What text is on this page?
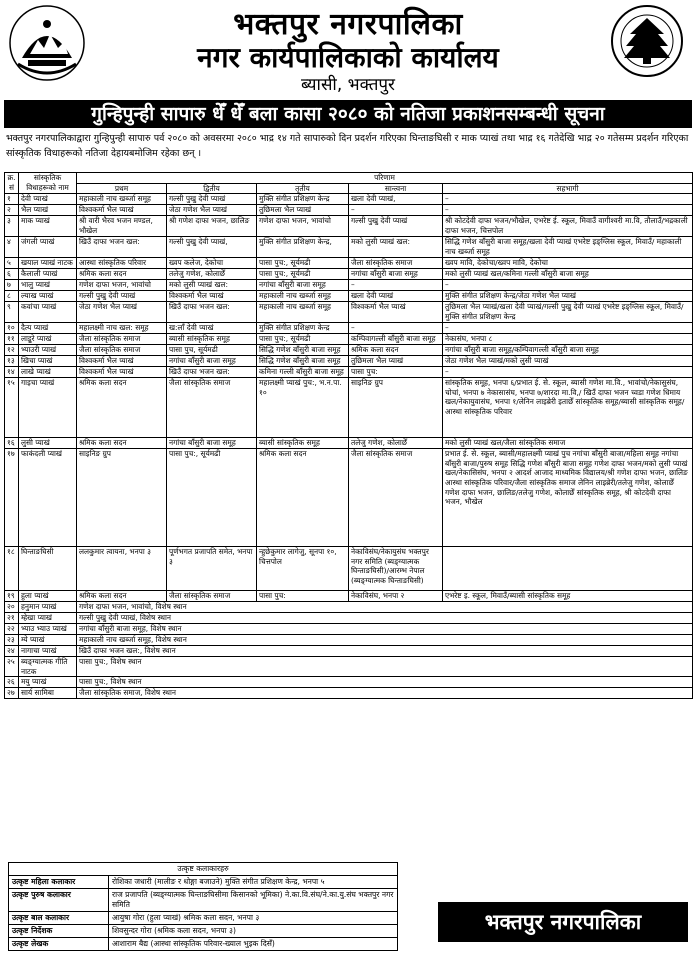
भक्तपुर नगरपालिका
नगर कार्यपालिकाको कार्यालय
ब्यासी, भक्तपुर
गुन्हिपुन्ही सापारु धेँ धेँ बला कासा २०८० को नतिजा प्रकाशनसम्बन्धी सूचना
भक्तपुर नगरपालिकाद्वारा गुन्हिपुन्ही सापारु पर्व २०८० को अवसरमा २०८० भाद्र १४ गते सापारुको दिन प्रदर्शन गरिएका घिन्ताङघिसी र माक प्याखं तथा भाद्र १६ गतेदेखि भाद्र २० गतेसम्म प्रदर्शन गरिएका सांस्कृतिक विधाहरूको नतिजा देहायबमोजिम रहेका छन् ।
क्र.सं	सांस्कृतिक विधाहरूको नाम	परिणाम				
		प्रथम	द्वितीय	तृतीय	सान्त्वना	सहभागी
१	देवी प्याखं	महाकाली नाच खर्ब्जा समूह	गल्सी पुखु देवी प्याखं	मुक्ति संगीत प्रशिक्षण केन्द्र	खला देवी प्याखं,	–
२	भैल प्याखं	विश्वकर्मा भैल प्याखं	जेठा गणेश भैल प्याखं	तुछिमला भैल प्याखं	–	–
३	माक प्याखं	श्री वारी भैरव भजन मण्डल, भौखेल	श्री गणेश दाफा भजन, छालिङ	गणेश दाफा भजन, भावांचो	गल्सी पुखु देवी प्याखं	श्री कोटदेवी दाफा भजन/भौखेल, एभरेष्ट ई. स्कूल, मिवाउँ वागीश्वरी मा.वि, तौलाउँ/भद्रकाली दाफा भजन, चित्तपोल
४	जंगली प्याखं	खिउँ दाफा भजन खल:	गल्सी पुखु देवी प्याखं,	मुक्ति संगीत प्रशिक्षण केन्द्र,	मको लुसी प्याखं खल:	सिद्धि गणेश बाँसुरी बाजा समूह/खला देवी प्याखं एभरेष्ट इङ्ग्लिस स्कूल, मिवाउँ/ महाकाली नाच खर्ब्जा समूह
५	खयाल प्याखं नाटक	आस्था सांस्कृतिक परिवार	ख्वप कलेज, देकोचा	पासा पुच:, सूर्यमढी	जैला सांस्कृतिक समाज	ख्वप मावि, देकोचा/ख्वप मावि, देकोचा
६	कैलाली प्याखं	श्रमिक कला सदन	तलेजु गणेश, कोलाछेँ	पासा पुच:, सूर्यमढी	नगांचा बाँसुरी बाजा समूह	मको लुसी प्याखं खल/कमिना गल्ली बाँसुरी बाजा समूह
७	भालु प्याखं	गणेश दाफा भजन, भावांचो	मको लुसी प्याखं खल:	नगांचा बाँसुरी बाजा समूह	–	–
८	ल्याख प्याखं	गल्सी पुखु देवी प्याखं	विश्वकर्मा भैल प्याखं	महाकाली नाच खर्ब्जा समूह	खला देवी प्याखं	मुक्ति संगीत प्रशिक्षण केन्द्र/जेठा गणेश भैल प्याखं
९	कवांचा प्याखं	जेठा गणेश भैल प्याखं	खिउँ दाफा भजन खल:	महाकाली नाच खर्ब्जा समूह	विश्वकर्मा भैल प्याखं	तुछिमला भैल प्याखं/खला देवी प्याखं/गल्सी पुखु देवी प्याखं एभरेष्ट इङ्ग्लिस स्कूल, मिवाउँ/ मुक्ति संगीत प्रशिक्षण केन्द्र
१०	दैत्य प्याखं	महालक्ष्मी नाच खल: समूह	ख:लाँ देवी प्याखं	मुक्ति संगीत प्रशिक्षण केन्द्र	–	–
११	लाइुरे प्याखं	जैला सांस्कृतिक समाज	ब्यासी सांस्कृतिक समूह	पासा पुच:, सूर्यमढी	कम्पिवागल्ली बाँसुरी बाजा समूह	नेकासंघ, भनपा ८
१२	भ्याउरी प्याखं	जैला सांस्कृतिक समाज	पासा पुच, सूर्यमढी	सिद्धि गणेश बाँसुरी बाजा समूह	श्रमिक कला सदन	नगांचा बाँसुरी बाजा समूह/कम्पिवागल्ली बाँसुरी बाजा समूह
१३	खिचा प्याखं	विश्वकर्मा भैल प्याखं	नगांचा बाँसुरी बाजा समूह	सिद्धि गणेश बाँसुरी बाजा समूह	तुछिमला भैल प्याखं	जेठा गणेश भैल प्याखं/मको लुसी प्याखं
१४	लाखे प्याखं	विश्वकर्मा भैल प्याखं	खिउँ दाफा भजन खल:	कमिना गल्ली बाँसुरी बाजा समूह	पासा पुच:	–
१५	गाइचा प्याखं	श्रमिक कला सदन	जैला सांस्कृतिक समाज	महालक्ष्मी प्याखं पुच:, भ.न.पा. १०	साइनिङ ग्रुप	सांस्कृतिक समूह, भनपा ६/प्रभात ई. से. स्कूल, ब्यासी गणेश मा.वि., भावांचो/नेकासुसंघ, चोचां, भनपा ७ नेकासासंघ, भनपा ७/शारदा मा.वि,/ खिउँ दाफा भजन च्वडा गणेश धिमाय खल/नेकायुवासंघ, भनपा १/लेनिन लाइब्रेरी इताछेँ सांस्कृतिक समूह/ब्यासी सांस्कृतिक समूह/आस्था सांस्कृतिक परिवार
१६	लुसी प्याखं	श्रमिक कला सदन	नगांचा बाँसुरी बाजा समूह	ब्यासी सांस्कृतिक समूह	तलेजु गणेश, कोलाछेँ	मको लुसी प्याखं खल/जैला सांस्कृतिक समाज
१७	फाकंदली प्याखं	साइनिङ ग्रुप	पासा पुच:, सूर्यमढी	श्रमिक कला सदन	जैला सांस्कृतिक समाज	प्रभात ई. से. स्कूल, ब्यासी/महालक्ष्मी प्याखं पुच नगांचा बाँसुरी बाजा/महिला समूह नगांचा बाँसुरी बाजा/पुरुष समूह सिद्धि गणेश बाँसुरी बाजा समूह गणेश दाफा भजन/मको लुसी प्याखं खल/नेकासिसंघ, भनपा २ आदर्श आजाद माध्यमिक विद्यालय/श्री गणेश दाफा भजन, छालिङ आस्था सांस्कृतिक परिवार/जैला सांस्कृतिक समाज लेनिन लाइब्रेरी/तलेजु गणेश, कोलाछेँ गणेश दाफा भजन, छालिङ/तलेजु गणेश, कोलाछेँ सांस्कृतिक समूह, श्री कोटदेवी दाफा भजन, भौखेल
१८	घिन्ताङघिसी	ललकुमार त्वायना, भनपा ३	पूर्णभगत प्रजापति समेत, भनपा ३	न्हुछेकुमार लागेजु, सूनपा १०, चित्तपोल	नेकाविसंघ/नेकायुसंघ भक्तपुर नगर समिति (ब्यङ्ग्यात्मक घिन्ताङघिसी)/आरम्भ नेपाल (ब्यङ्ग्यात्मक घिन्ताङघिसी)	
१९	हुला प्याखं	श्रमिक कला सदन	जैला सांस्कृतिक समाज	पासा पुच:	नेकाविसंघ, भनपा २	एभरेष्ट इ. स्कूल, मिवाउँ/ब्यासी सांस्कृतिक समूह
२०	हनुमान प्याखं	गणेश दाफा भजन, भावांचो, विशेष स्थान				
२१	म्हेखा प्याखं	गल्सी पुखु देवी प्याखं, विशेष स्थान				
२२	भ्याउ भ्याउ प्याखं	नगांचा बाँसुरी बाजा समूह, विशेष स्थान				
२३	म्ये प्याखं	महाकाली नाच खर्ब्जा समूह, विशेष स्थान				
२४	नागाचा प्याखं	खिउँ दाफा भजन खल:, विशेष स्थान				
२५	ब्यङ्ग्यात्मक गीति नाटक	पासा पुच:, विशेष स्थान				
२६	मयु प्याखं	पासा पुच:, विशेष स्थान				
२७	सार्य सामिबा	जैला सांस्कृतिक समाज, विशेष स्थान				
उत्कृष्ट कलाकारहरु	
उत्कृष्ट महिला कलाकार	रोशिका जधारी (मालीङ र धोङ्गा बजाउने) मुक्ति संगीत प्रशिक्षण केन्द्र, भनपा ५
उत्कृष्ट पुरुष कलाकार	राज प्रजापति (ब्यङ्ग्यात्मक घिन्ताङघिसीमा किसानको भूमिका) ने.का.वि.संघ/ने.का.यु.संघ भक्तपुर नगर समिति
उत्कृष्ट बाल कलाकार	आयुषा गोरा (हुला प्याखं) श्रमिक कला सदन, भनपा ३
उत्कृष्ट निर्देशक	शिवसुन्दर गोरा (श्रमिक कला सदन, भनपा ३)
उत्कृष्ट लेखक	आशाराम बैद्य (आस्था सांस्कृतिक परिवार-ख्याल भुइक दिसँ)
भक्तपुर नगरपालिका
